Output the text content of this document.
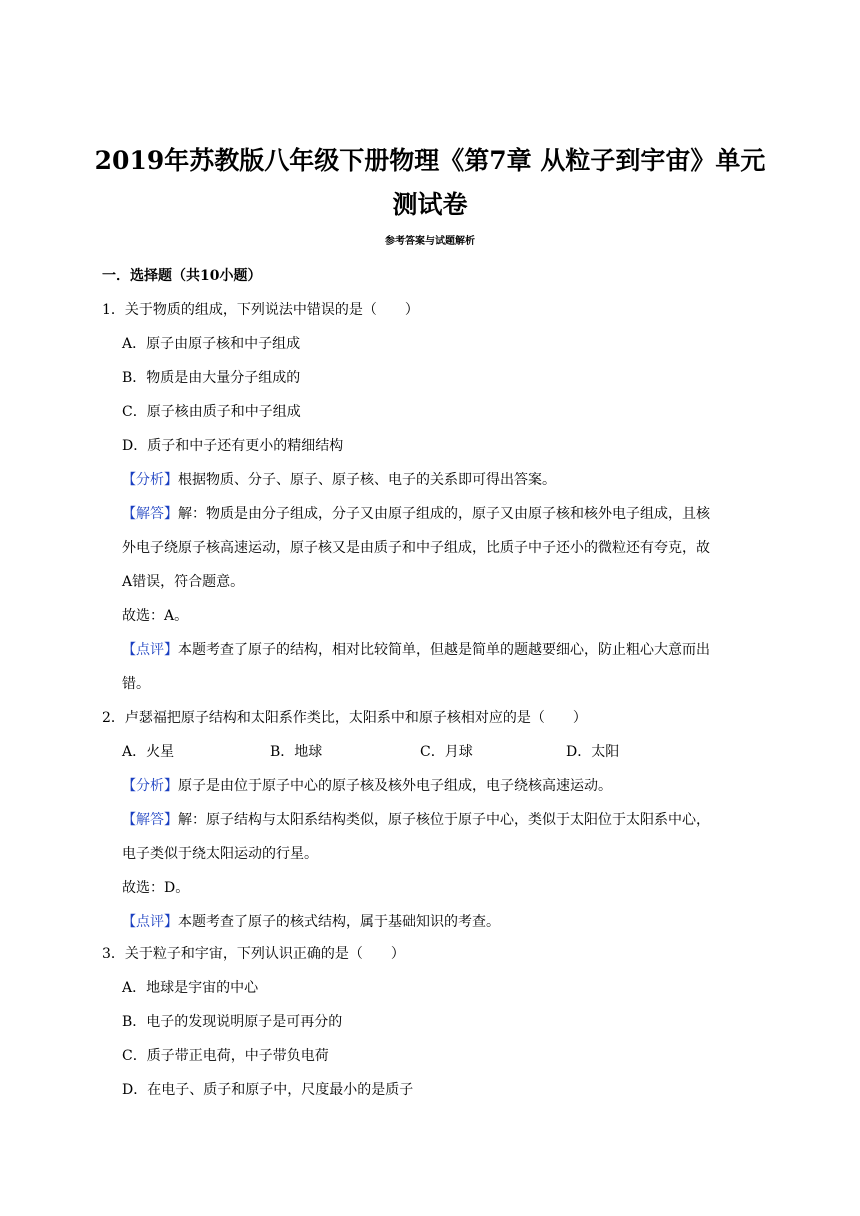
2019年苏教版八年级下册物理《第7章 从粒子到宇宙》单元
测试卷
参考答案与试题解析
一．选择题（共10小题）
1．关于物质的组成，下列说法中错误的是（　　）
A．原子由原子核和中子组成
B．物质是由大量分子组成的
C．原子核由质子和中子组成
D．质子和中子还有更小的精细结构
【分析】根据物质、分子、原子、原子核、电子的关系即可得出答案。
【解答】解：物质是由分子组成，分子又由原子组成的，原子又由原子核和核外电子组成，且核
外电子绕原子核高速运动，原子核又是由质子和中子组成，比质子中子还小的微粒还有夸克，故
A错误，符合题意。
故选：A。
【点评】本题考查了原子的结构，相对比较简单，但越是简单的题越要细心，防止粗心大意而出
错。
2．卢瑟福把原子结构和太阳系作类比，太阳系中和原子核相对应的是（　　）
A．火星	B．地球	C．月球	D．太阳
【分析】原子是由位于原子中心的原子核及核外电子组成，电子绕核高速运动。
【解答】解：原子结构与太阳系结构类似，原子核位于原子中心，类似于太阳位于太阳系中心，
电子类似于绕太阳运动的行星。
故选：D。
【点评】本题考查了原子的核式结构，属于基础知识的考查。
3．关于粒子和宇宙，下列认识正确的是（　　）
A．地球是宇宙的中心
B．电子的发现说明原子是可再分的
C．质子带正电荷，中子带负电荷
D．在电子、质子和原子中，尺度最小的是质子
